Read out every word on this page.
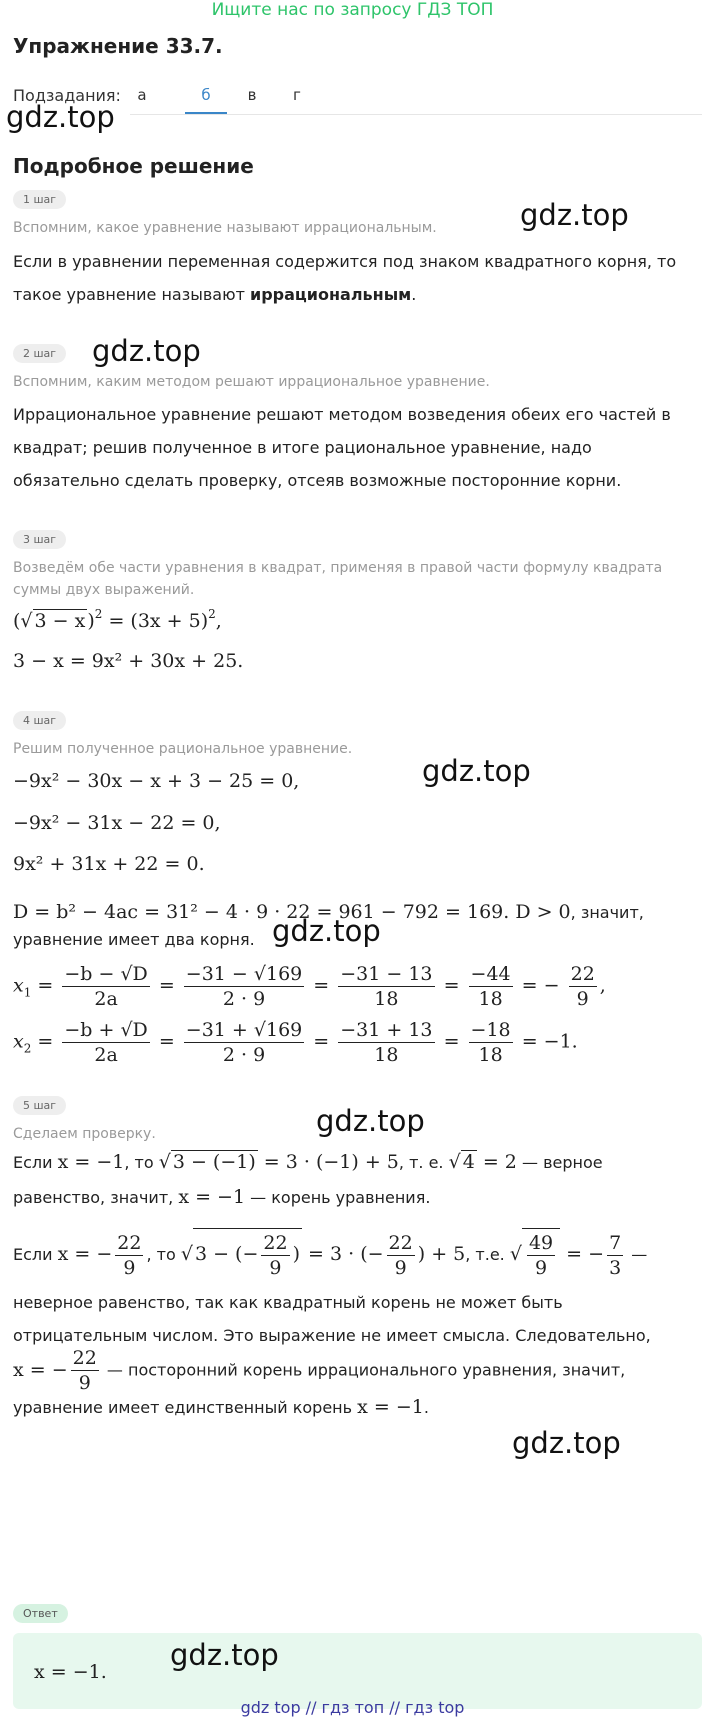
Ищите нас по запросу ГДЗ ТОП
Упражнение 33.7.
Подзадания:	а	б	в	г
gdz.top
gdz.top
gdz.top
gdz.top
gdz.top
gdz.top
gdz.top
Подробное решение
1 шаг
Вспомним, какое уравнение называют иррациональным.
Если в уравнении переменная содержится под знаком квадратного корня, то
такое уравнение называют иррациональным.
2 шаг
Вспомним, каким методом решают иррациональное уравнение.
Иррациональное уравнение решают методом возведения обеих его частей в
квадрат; решив полученное в итоге рациональное уравнение, надо
обязательно сделать проверку, отсеяв возможные посторонние корни.
3 шаг
Возведём обе части уравнения в квадрат, применяя в правой части формулу квадрата
суммы двух выражений.
(√ 3 − x )$^2 = (3x + 5)^2$,
3 − x = 9x² + 30x + 25.
4 шаг
Решим полученное рациональное уравнение.
−9x² − 30x − x + 3 − 25 = 0,
−9x² − 31x − 22 = 0,
9x² + 31x + 22 = 0.
D = b² − 4ac = 31² − 4 · 9 · 22 = 961 − 792 = 169. D > 0, значит,
уравнение имеет два корня.
$x_1 = \frac{-b - √D}{2a} = \frac{-31 - √169}{2 \cdot 9} = \frac{-31 - 13}{18} = \frac{-44}{18}$ = − $\frac{22}{9}$ ,
$x_2 = \frac{-b + √D}{2a} = \frac{-31 + √169}{2 \cdot 9} = \frac{-31 + 13}{18} = \frac{-18}{18} = -1$.
5 шаг
Сделаем проверку.
Если x = −1, то √ 3 − (−1) = 3 · (−1) + 5, т. е. √ 4 = 2 — верное
равенство, значит, x = −1 — корень уравнения.
Если x = − $\frac{22}{9}$ , то √ 3 − (− $\frac{22}{9}$ ) = 3 · (− $\frac{22}{9}$ ) + 5, т.е. √ $\frac{49}{9}$ = − $\frac{7}{3}$ —
неверное равенство, так как квадратный корень не может быть
отрицательным числом. Это выражение не имеет смысла. Следовательно,
x = − $\frac{22}{9}$ — посторонний корень иррационального уравнения, значит,
уравнение имеет единственный корень x = −1.
Ответ
x = −1. gdz.top
gdz top // гдз топ // гдз top
